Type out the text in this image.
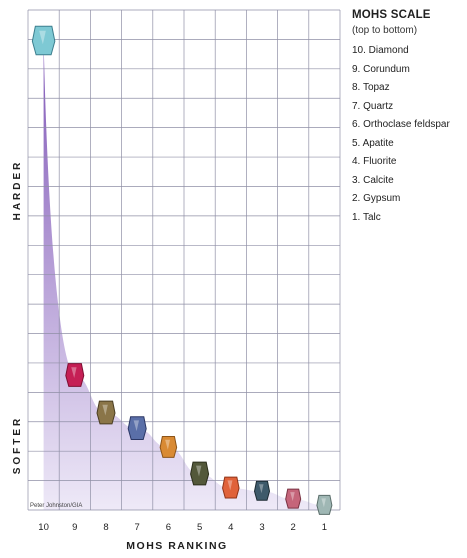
10 9	8	7	6	5	4	3	2	1
HARDER
SOFTER
MOHS RANKING
Peter Johnston/GIA
MOHS SCALE
(top to bottom)
10. Diamond
9. Corundum
8. Topaz
7. Quartz
6. Orthoclase feldspar
5. Apatite
4. Fluorite
3. Calcite
2. Gypsum
1. Talc
